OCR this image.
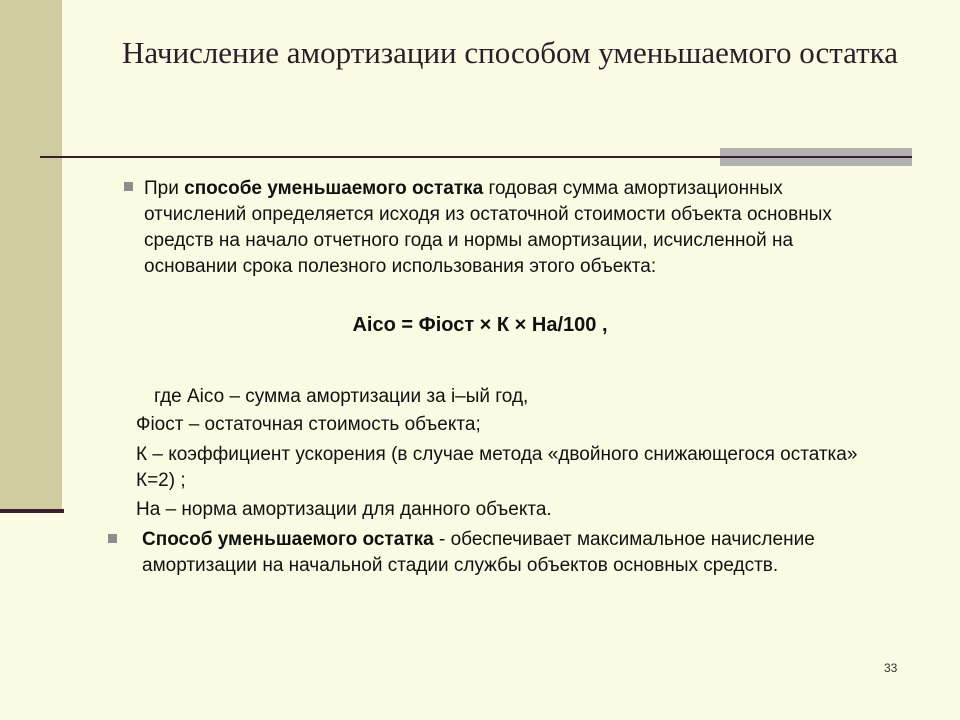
Начисление амортизации способом уменьшаемого остатка
При способе уменьшаемого остатка годовая сумма амортизационных отчислений определяется исходя из остаточной стоимости объекта основных средств на начало отчетного года и нормы амортизации, исчисленной на основании срока полезного использования этого объекта:
Аiсо = Фiост × К × На/100 ,
где Аiсо – сумма амортизации за i–ый год,
Фiост – остаточная стоимость объекта;
К – коэффициент ускорения (в случае метода «двойного снижающегося остатка» К=2) ;
На – норма амортизации для данного объекта.
Способ уменьшаемого остатка - обеспечивает максимальное начисление амортизации на начальной стадии службы объектов основных средств.
33
